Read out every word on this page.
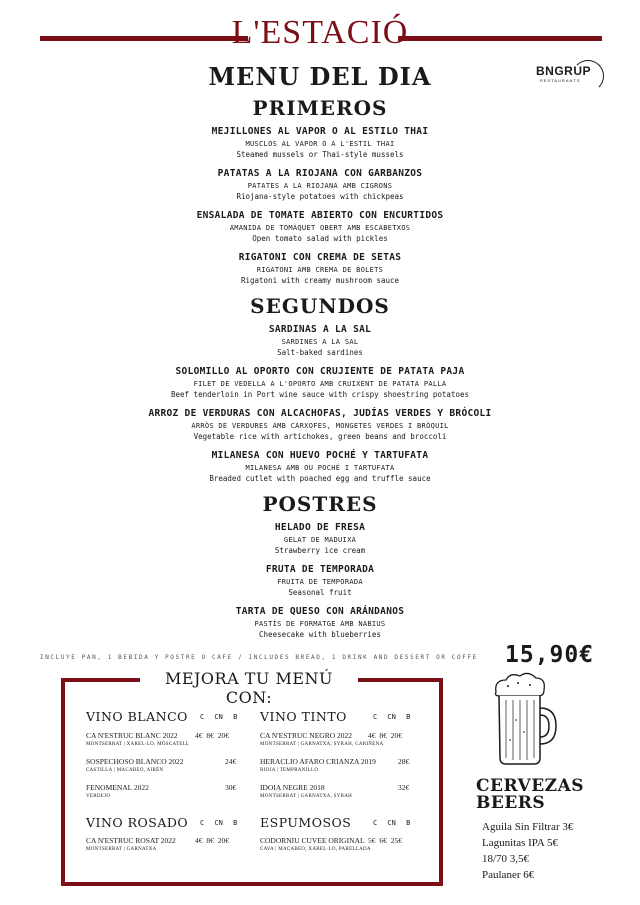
L'ESTACIÓ
MENU DEL DIA	BNGRUP
RESTAURANTS
PRIMEROS
MEJILLONES AL VAPOR O AL ESTILO THAI
MUSCLOS AL VAPOR O A L'ESTIL THAI
Steamed mussels or Thai-style mussels
PATATAS A LA RIOJANA CON GARBANZOS
PATATES A LA RIOJANA AMB CIGRONS
Riojana-style potatoes with chickpeas
ENSALADA DE TOMATE ABIERTO CON ENCURTIDOS
AMANIDA DE TOMÀQUET OBERT AMB ESCABETXOS
Open tomato salad with pickles
RIGATONI CON CREMA DE SETAS
RIGATONI AMB CREMA DE BOLETS
Rigatoni with creamy mushroom sauce
SEGUNDOS
SARDINAS A LA SAL
SARDINES A LA SAL
Salt-baked sardines
SOLOMILLO AL OPORTO CON CRUJIENTE DE PATATA PAJA
FILET DE VEDELLA A L'OPORTO AMB CRUIXENT DE PATATA PALLA
Beef tenderloin in Port wine sauce with crispy shoestring potatoes
ARROZ DE VERDURAS CON ALCACHOFAS, JUDÍAS VERDES Y BRÓCOLI
ARRÒS DE VERDURES AMB CARXOFES, MONGETES VERDES I BRÒQUIL
Vegetable rice with artichokes, green beans and broccoli
MILANESA CON HUEVO POCHÉ Y TARTUFATA
MILANESA AMB OU POCHÉ I TARTUFATA
Breaded cutlet with poached egg and truffle sauce
POSTRES
HELADO DE FRESA
GELAT DE MADUIXA
Strawberry ice cream
FRUTA DE TEMPORADA
FRUITA DE TEMPORADA
Seasonal fruit
TARTA DE QUESO CON ARÁNDANOS
PASTÍS DE FORMATGE AMB NABIUS
Cheesecake with blueberries
INCLUYE PAN, 1 BEBIDA Y POSTRE O CAFE / INCLUDES BREAD, 1 DRINK AND DESSERT OR COFFE 15,90€
MEJORA TU MENÚ CON:
VINO BLANCO C CN B
CA N'ESTRUC BLANC 2022 4€ 8€ 20€
MONTSERRAT | XAREL·LO, MOSCATELL
SOSPECHOSO BLANCO 2022	24€
CASTILLA | MACABEO, AIRÉN
FENOMENAL 2022	30€
VERDEJO
VINO TINTO	C CN B
CA N'ESTRUC NEGRO 2022 4€ 8€ 20€
MONTSERRAT | GARNATXA, SYRAH, CARIÑENA
HERACLIO AFARO CRIANZA 2019	28€
RIOJA | TEMPRANILLO
IDOIA NEGRE 2018	32€
MONTSERRAT | GARNATXA, SYRAH
VINO ROSADO C CN B
CA N'ESTRUC ROSAT 2022	4€ 8€ 20€
MONTSERRAT | GARNATXA
ESPUMOSOS	C CN B
CODORNIU CUVEE ORIGINAL 5€ 6€ 25€
CAVA | MACABEO, XAREL·LO, PARELLADA
CERVEZAS
BEERS
Aguila Sin Filtrar 3€
Lagunitas IPA 5€
18/70 3,5€
Paulaner 6€
